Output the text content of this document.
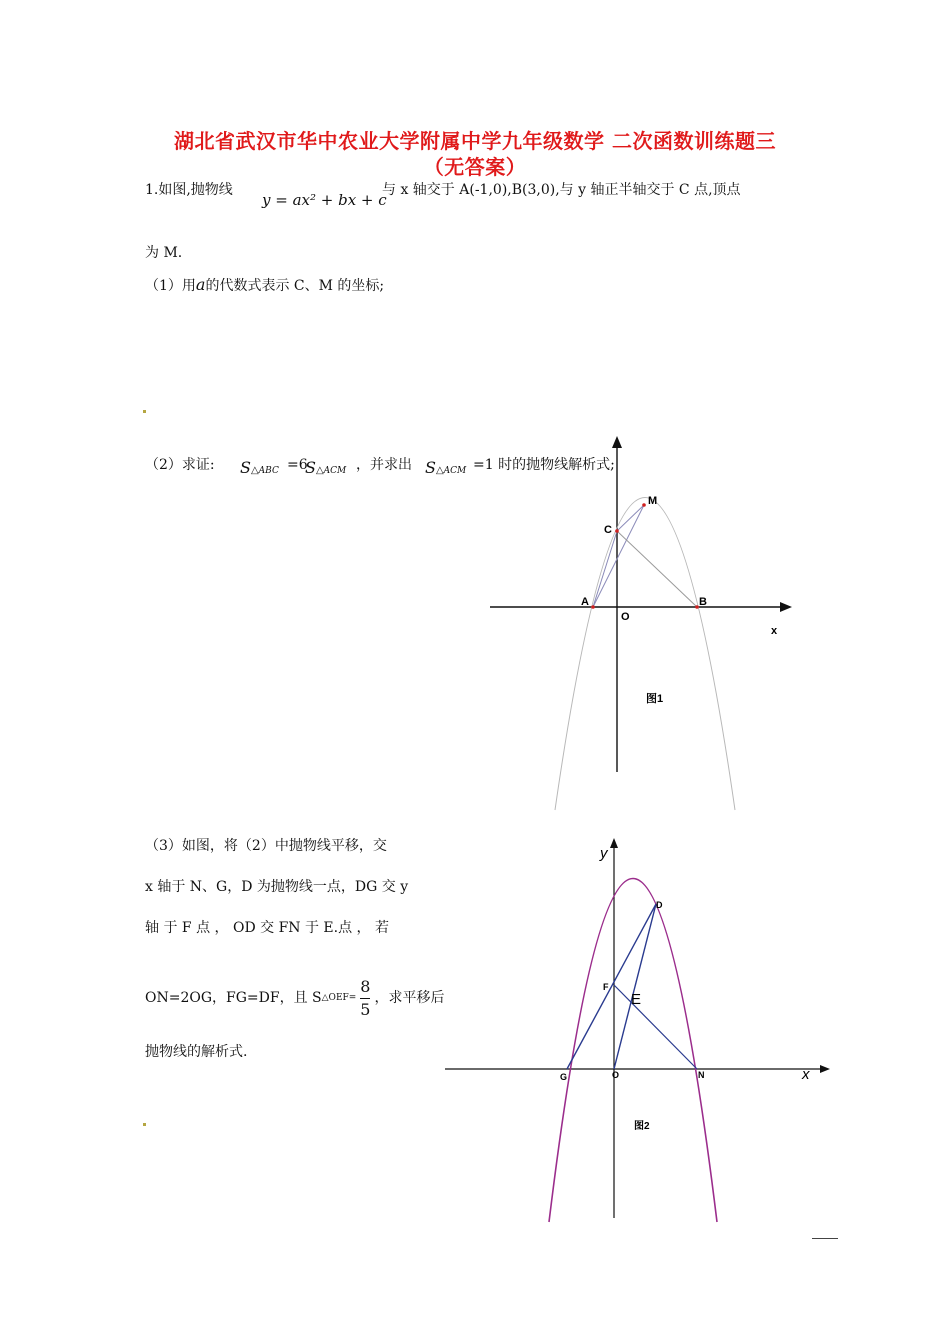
湖北省武汉市华中农业大学附属中学九年级数学 二次函数训练题三
（无答案）
1.如图,抛物线
y = ax² + bx + c
与 x 轴交于 A(-1,0),B(3,0),与 y 轴正半轴交于 C 点,顶点
为 M.
（1）用a的代数式表示 C、M 的坐标;
（2）求证: S△ABC =6
S△ACM ，并求出 S△ACM =1 时的抛物线解析式;
M
C
A
O
B
x
图1
（3）如图，将（2）中抛物线平移，交
x 轴于 N、G，D 为抛物线一点，DG 交 y
轴 于 F 点 ， OD 交 FN 于 E.点 ， 若
ON=2OG，FG=DF，且 S △OEF= $\frac{8}{5}$ ，求平移后
抛物线的解析式.
y
D
F
E
G	O	N	x
图2
